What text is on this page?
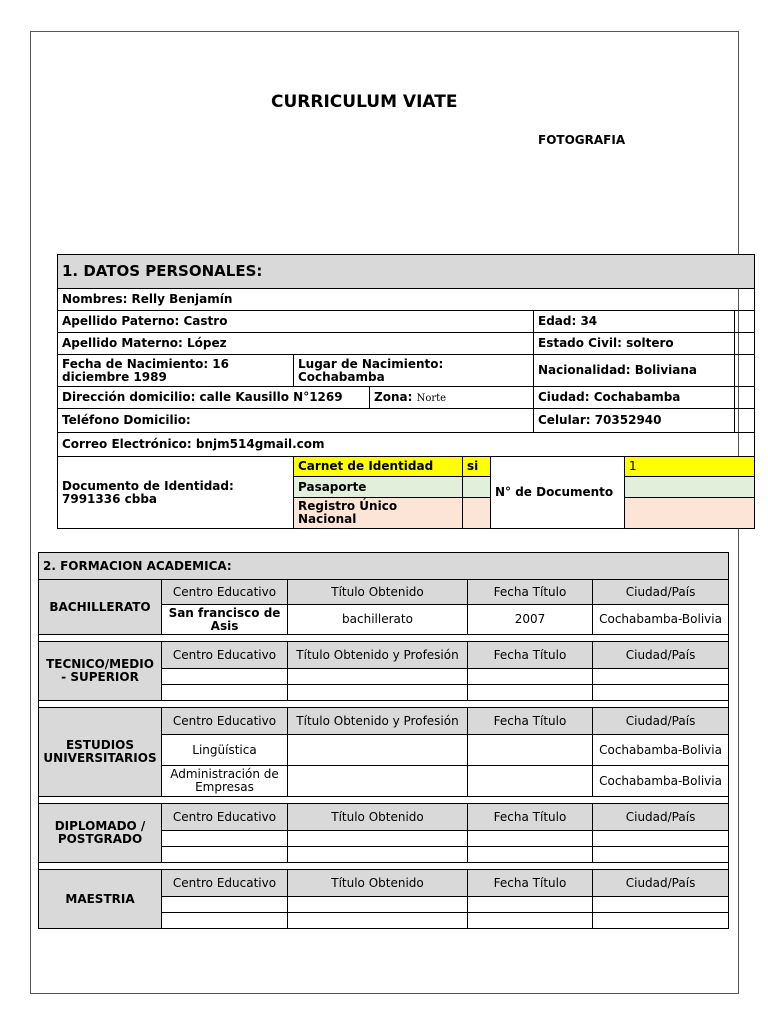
CURRICULUM VIATE
FOTOGRAFIA
1. DATOS PERSONALES:							
Nombres: Relly Benjamín							
Apellido Paterno: Castro					Edad: 34		
Apellido Materno: López					Estado Civil: soltero		
Fecha de Nacimiento: 16 diciembre 1989	Lugar de Nacimiento: Cochabamba				Nacionalidad: Boliviana		
Dirección domicilio: calle Kausillo N°1269		Zona: Norte			Ciudad: Cochabamba		
Teléfono Domicilio:					Celular: 70352940		
Correo Electrónico: bnjm514gmail.com							
Documento de Identidad: 7991336 cbba	Carnet de Identidad		si	N° de Documento		1	
	Pasaporte						
	Registro Único Nacional						
2. FORMACION ACADEMICA:				
BACHILLERATO	Centro Educativo	Título Obtenido	Fecha Título	Ciudad/País
	San francisco de Asis	bachillerato	2007	Cochabamba-Bolivia

TECNICO/MEDIO - SUPERIOR	Centro Educativo	Título Obtenido y Profesión	Fecha Título	Ciudad/País

ESTUDIOS UNIVERSITARIOS	Centro Educativo	Título Obtenido y Profesión	Fecha Título	Ciudad/País
	Lingüística			Cochabamba-Bolivia
	Administración de Empresas			Cochabamba-Bolivia

DIPLOMADO / POSTGRADO	Centro Educativo	Título Obtenido	Fecha Título	Ciudad/País

MAESTRIA	Centro Educativo	Título Obtenido	Fecha Título	Ciudad/País
